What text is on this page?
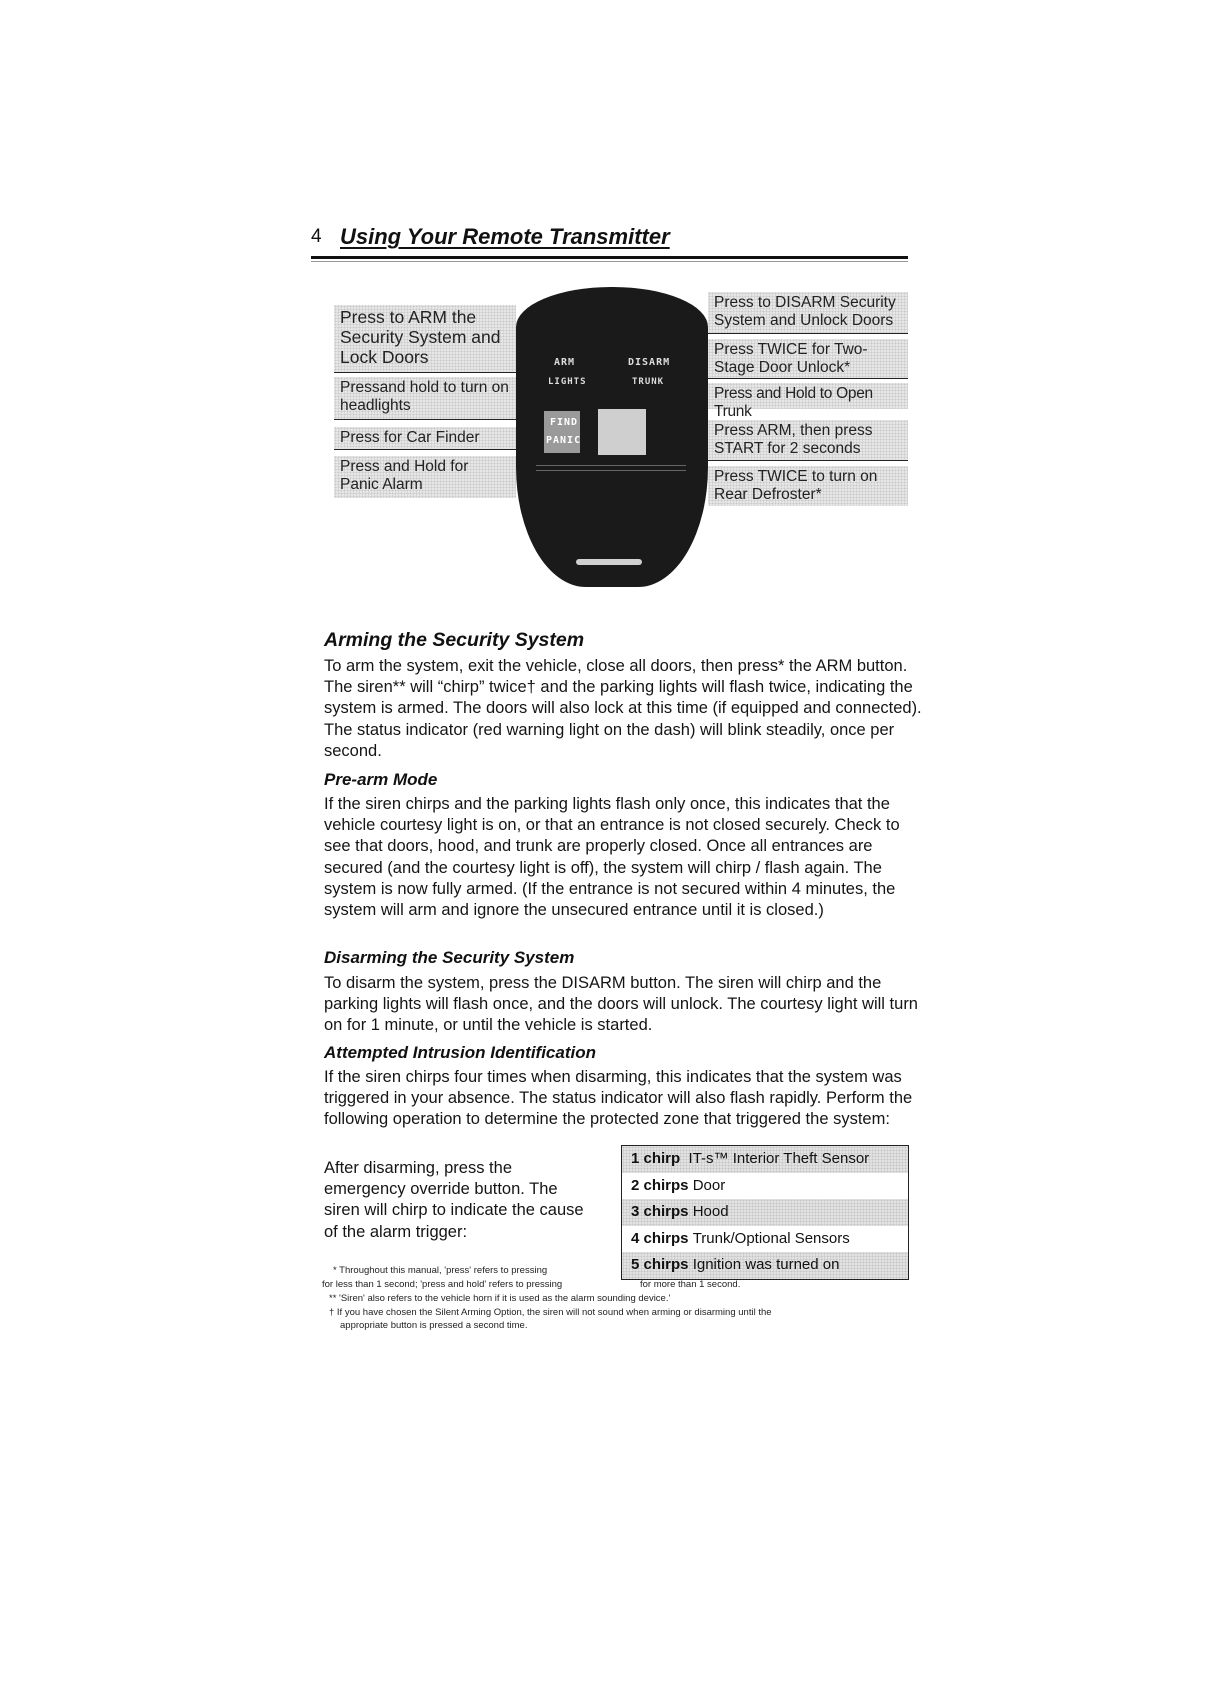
4 Using Your Remote Transmitter
Press to ARM the Security System and Lock Doors
Pressand hold to turn on headlights
Press for Car Finder
Press and Hold for Panic Alarm
ARM
LIGHTS
DISARM
TRUNK
FIND
PANIC
Press to DISARM Security System and Unlock Doors
Press TWICE for Two-Stage Door Unlock*
Press and Hold to Open Trunk
Press ARM, then press START for 2 seconds
Press TWICE to turn on Rear Defroster*
Arming the Security System
To arm the system, exit the vehicle, close all doors, then press* the ARM button. The siren** will “chirp” twice† and the parking lights will flash twice, indicating the system is armed. The doors will also lock at this time (if equipped and connected). The status indicator (red warning light on the dash) will blink steadily, once per second.
Pre-arm Mode
If the siren chirps and the parking lights flash only once, this indicates that the vehicle courtesy light is on, or that an entrance is not closed securely. Check to see that doors, hood, and trunk are properly closed. Once all entrances are secured (and the courtesy light is off), the system will chirp / flash again. The system is now fully armed. (If the entrance is not secured within 4 minutes, the system will arm and ignore the unsecured entrance until it is closed.)
Disarming the Security System
To disarm the system, press the DISARM button. The siren will chirp and the parking lights will flash once, and the doors will unlock. The courtesy light will turn on for 1 minute, or until the vehicle is started.
Attempted Intrusion Identification
If the siren chirps four times when disarming, this indicates that the system was triggered in your absence. The status indicator will also flash rapidly. Perform the following operation to determine the protected zone that triggered the system:
After disarming, press the emergency override button. The siren will chirp to indicate the cause of the alarm trigger:
1 chirp IT-s™ Interior Theft Sensor
2 chirps Door
3 chirps Hood
4 chirps Trunk/Optional Sensors
5 chirps Ignition was turned on
* Throughout this manual, 'press' refers to pressing
for less than 1 second; 'press and hold' refers to pressing	for more than 1 second.
** 'Siren' also refers to the vehicle horn if it is used as the alarm sounding device.'
† If you have chosen the Silent Arming Option, the siren will not sound when arming or disarming until the
appropriate button is pressed a second time.
